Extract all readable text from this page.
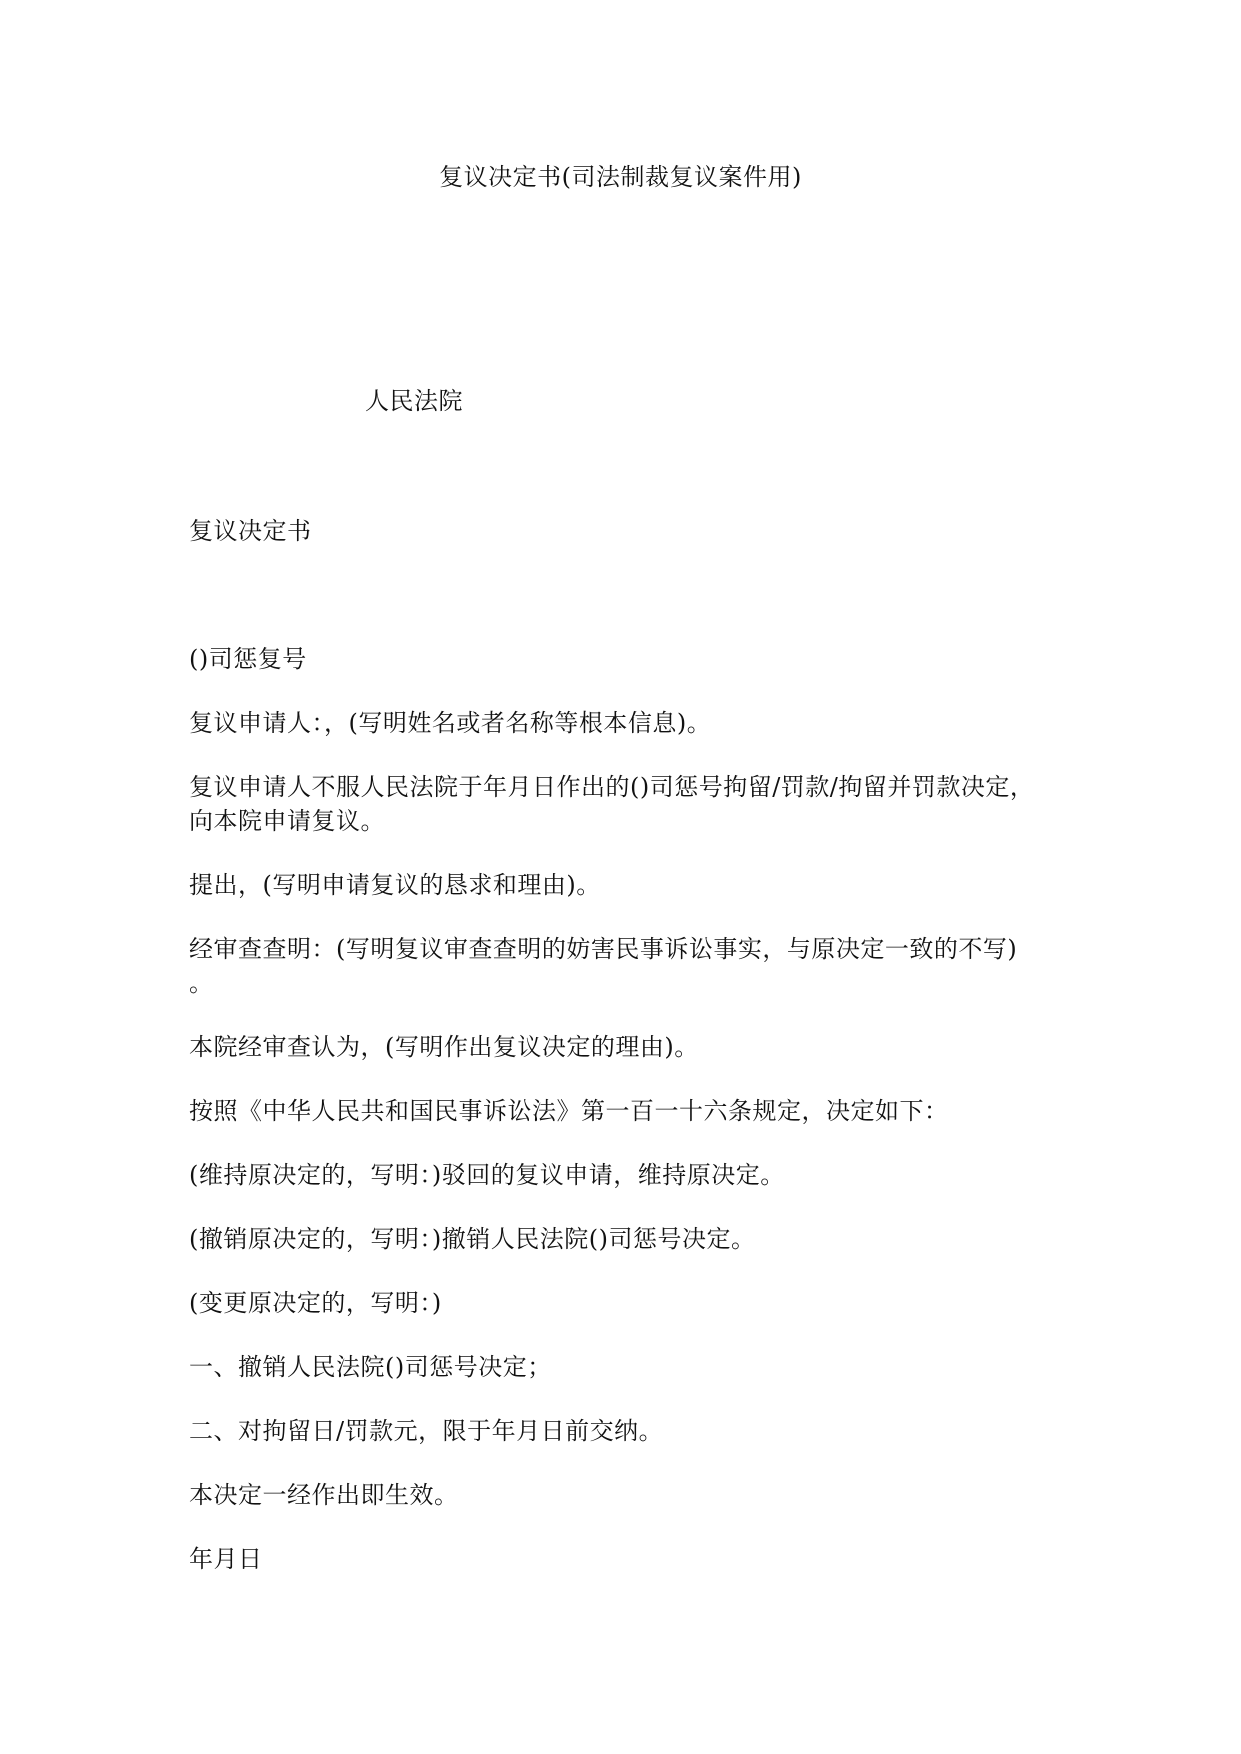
复议决定书(司法制裁复议案件用)
人民法院
复议决定书
()司惩复号
复议申请人：，(写明姓名或者名称等根本信息)。
复议申请人不服人民法院于年月日作出的()司惩号拘留/罚款/拘留并罚款决定，
向本院申请复议。
提出，(写明申请复议的恳求和理由)。
经审查查明：(写明复议审查查明的妨害民事诉讼事实，与原决定一致的不写)
。
本院经审查认为，(写明作出复议决定的理由)。
按照《中华人民共和国民事诉讼法》第一百一十六条规定，决定如下：
(维持原决定的，写明：)驳回的复议申请，维持原决定。
(撤销原决定的，写明：)撤销人民法院()司惩号决定。
(变更原决定的，写明：)
一、撤销人民法院()司惩号决定；
二、对拘留日/罚款元，限于年月日前交纳。
本决定一经作出即生效。
年月日
